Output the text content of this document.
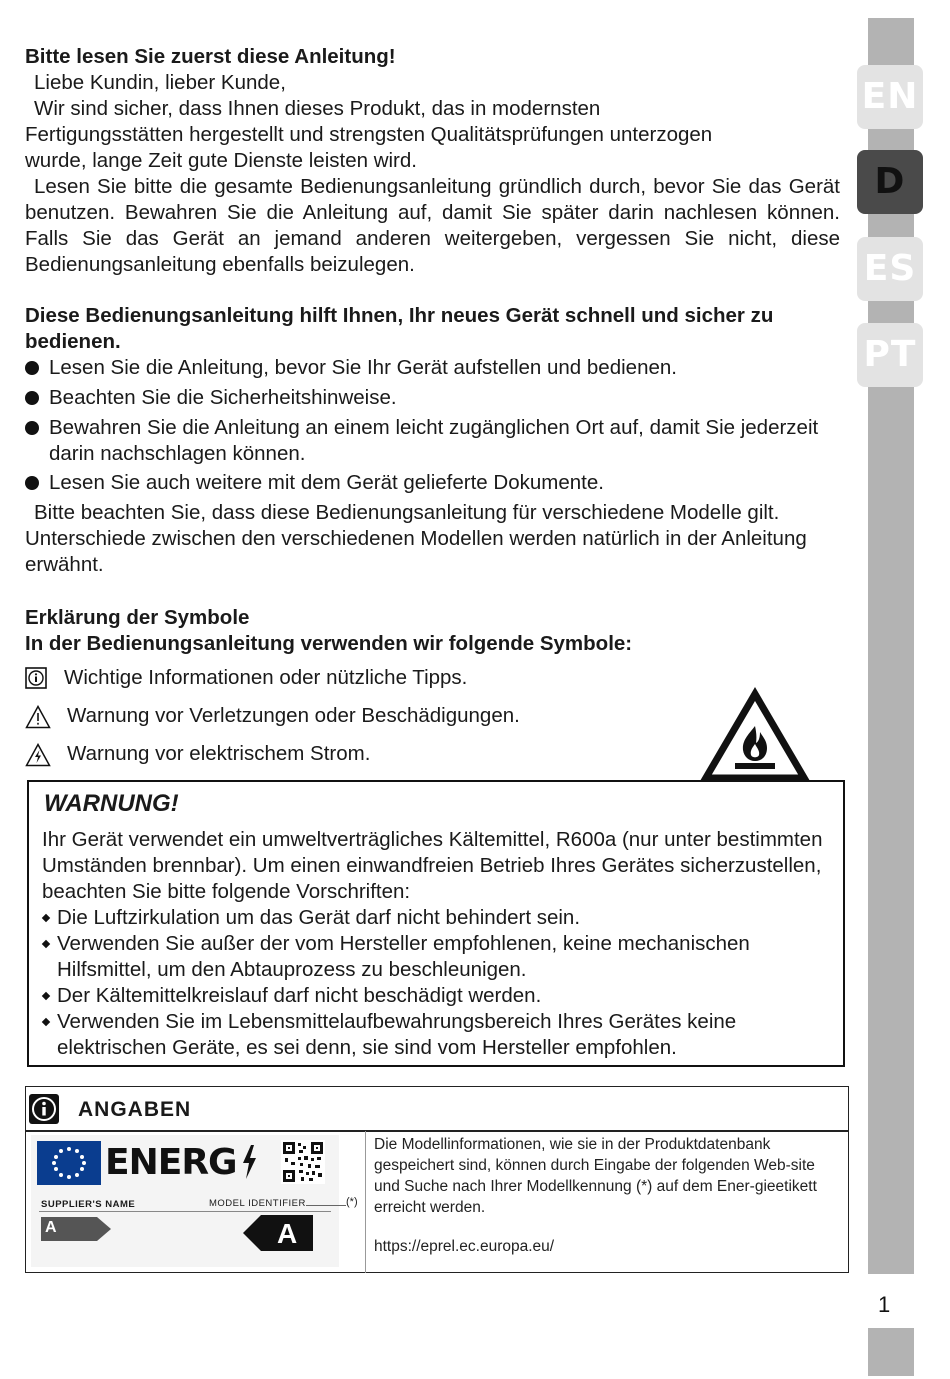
EN
D
ES
PT
1
Bitte lesen Sie zuerst diese Anleitung!
Liebe Kundin, lieber Kunde,
Wir sind sicher, dass Ihnen dieses Produkt, das in modernsten
Fertigungsstätten hergestellt und strengsten Qualitätsprüfungen unterzogen
wurde, lange Zeit gute Dienste leisten wird.
Lesen Sie bitte die gesamte Bedienungsanleitung gründlich durch, bevor Sie das Gerät benutzen. Bewahren Sie die Anleitung auf, damit Sie später darin nachlesen können. Falls Sie das Gerät an jemand anderen weitergeben, vergessen Sie nicht, diese Bedienungsanleitung ebenfalls beizulegen.
Diese Bedienungsanleitung hilft Ihnen, Ihr neues Gerät schnell und sicher zu bedienen.
Lesen Sie die Anleitung, bevor Sie Ihr Gerät aufstellen und bedienen.
Beachten Sie die Sicherheitshinweise.
Bewahren Sie die Anleitung an einem leicht zugänglichen Ort auf, damit Sie jederzeit darin nachschlagen können.
Lesen Sie auch weitere mit dem Gerät gelieferte Dokumente.
Bitte beachten Sie, dass diese Bedienungsanleitung für verschiedene Modelle gilt. Unterschiede zwischen den verschiedenen Modellen werden natürlich in der Anleitung erwähnt.
Erklärung der Symbole
In der Bedienungsanleitung verwenden wir folgende Symbole:
Wichtige Informationen oder nützliche Tipps.
Warnung vor Verletzungen oder Beschädigungen.
Warnung vor elektrischem Strom.
WARNUNG!
Ihr Gerät verwendet ein umweltverträgliches Kältemittel, R600a (nur unter bestimmten Umständen brennbar). Um einen einwandfreien Betrieb Ihres Gerätes sicherzustellen, beachten Sie bitte folgende Vorschriften:
Die Luftzirkulation um das Gerät darf nicht behindert sein.
Verwenden Sie außer der vom Hersteller empfohlenen, keine mechanischen Hilfsmittel, um den Abtauprozess zu beschleunigen.
Der Kältemittelkreislauf darf nicht beschädigt werden.
Verwenden Sie im Lebensmittelaufbewahrungsbereich Ihres Gerätes keine elektrischen Geräte, es sei denn, sie sind vom Hersteller empfohlen.
ANGABEN
ENERG
SUPPLIER'S NAME	MODEL IDENTIFIER
A	A
(*)
Die Modellinformationen, wie sie in der Produktdatenbank gespeichert sind, können durch Eingabe der folgenden Web-site und Suche nach Ihrer Modellkennung (*) auf dem Ener-gieetikett erreicht werden.
https://eprel.ec.europa.eu/
